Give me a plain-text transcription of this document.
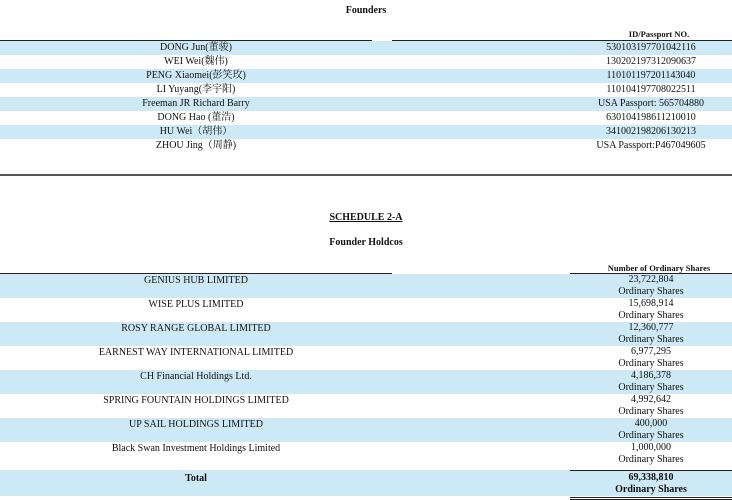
Founders
ID/Passport NO.
DONG Jun(董骏)	530103197701042116
WEI Wei(魏伟)	130202197312090637
PENG Xiaomei(彭笑玫)	110101197201143040
LI Yuyang(李宇阳)	110104197708022511
Freeman JR Richard Barry	USA Passport: 565704880
DONG Hao (董浩)	630104198611210010
HU Wei（胡伟）	341002198206130213
ZHOU Jing（周静)	USA Passport:P467049605
SCHEDULE 2-A
Founder Holdcos
Number of Ordinary Shares
GENIUS HUB LIMITED	23,722,804
Ordinary Shares
WISE PLUS LIMITED	15,698,914
Ordinary Shares
ROSY RANGE GLOBAL LIMITED	12,360,777
Ordinary Shares
EARNEST WAY INTERNATIONAL LIMITED	6,977,295
Ordinary Shares
CH Financial Holdings Ltd.	4,186,378
Ordinary Shares
SPRING FOUNTAIN HOLDINGS LIMITED	4,992,642
Ordinary Shares
UP SAIL HOLDINGS LIMITED	400,000
Ordinary Shares
Black Swan Investment Holdings Limited	1,000,000
Ordinary Shares
Total	69,338,810
Ordinary Shares
